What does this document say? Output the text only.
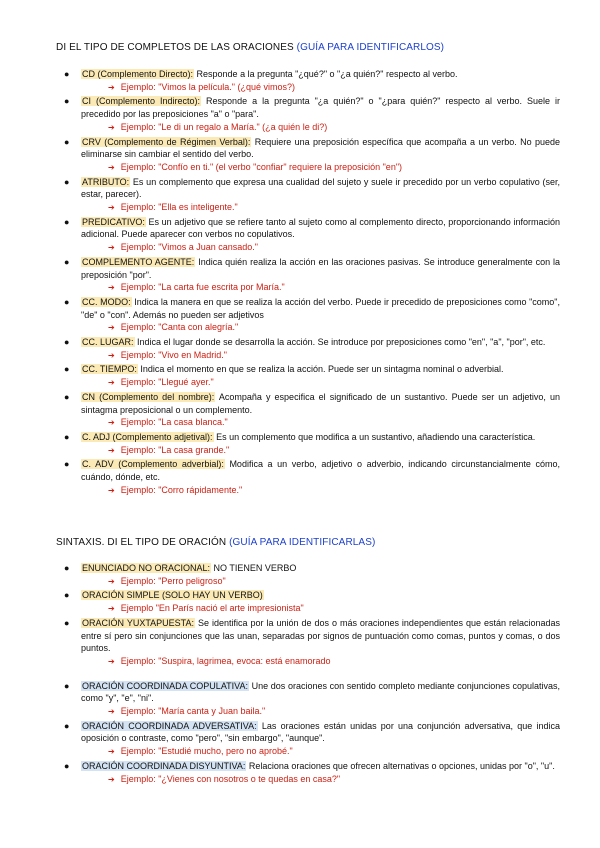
DI EL TIPO DE COMPLETOS DE LAS ORACIONES (GUÍA PARA IDENTIFICARLOS)
● CD (Complemento Directo): Responde a la pregunta "¿qué?" o "¿a quién?" respecto al verbo.
➔ Ejemplo: "Vimos la película." (¿qué vimos?)
● CI (Complemento Indirecto): Responde a la pregunta "¿a quién?" o "¿para quién?" respecto al verbo. Suele ir precedido por las preposiciones "a" o "para".
➔ Ejemplo: "Le di un regalo a María." (¿a quién le di?)
● CRV (Complemento de Régimen Verbal): Requiere una preposición específica que acompaña a un verbo. No puede eliminarse sin cambiar el sentido del verbo.
➔ Ejemplo: "Confío en ti." (el verbo "confiar" requiere la preposición "en")
● ATRIBUTO: Es un complemento que expresa una cualidad del sujeto y suele ir precedido por un verbo copulativo (ser, estar, parecer).
➔ Ejemplo: "Ella es inteligente."
● PREDICATIVO: Es un adjetivo que se refiere tanto al sujeto como al complemento directo, proporcionando información adicional. Puede aparecer con verbos no copulativos.
➔ Ejemplo: "Vimos a Juan cansado."
● COMPLEMENTO AGENTE: Indica quién realiza la acción en las oraciones pasivas. Se introduce generalmente con la preposición "por".
➔ Ejemplo: "La carta fue escrita por María."
● CC. MODO: Indica la manera en que se realiza la acción del verbo. Puede ir precedido de preposiciones como "como", "de" o "con". Además no pueden ser adjetivos
➔ Ejemplo: "Canta con alegría."
● CC. LUGAR: Indica el lugar donde se desarrolla la acción. Se introduce por preposiciones como "en", "a", "por", etc.
➔ Ejemplo: "Vivo en Madrid."
● CC. TIEMPO: Indica el momento en que se realiza la acción. Puede ser un sintagma nominal o adverbial.
➔ Ejemplo: "Llegué ayer."
● CN (Complemento del nombre): Acompaña y especifica el significado de un sustantivo. Puede ser un adjetivo, un sintagma preposicional o un complemento.
➔ Ejemplo: "La casa blanca."
● C. ADJ (Complemento adjetival): Es un complemento que modifica a un sustantivo, añadiendo una característica.
➔ Ejemplo: "La casa grande."
● C. ADV (Complemento adverbial): Modifica a un verbo, adjetivo o adverbio, indicando circunstancialmente cómo, cuándo, dónde, etc.
➔ Ejemplo: "Corro rápidamente."
SINTAXIS. DI EL TIPO DE ORACIÓN (GUÍA PARA IDENTIFICARLAS)
● ENUNCIADO NO ORACIONAL: NO TIENEN VERBO
➔ Ejemplo: "Perro peligroso"
● ORACIÓN SIMPLE (SOLO HAY UN VERBO)
➔ Ejemplo "En París nació el arte impresionista"
● ORACIÓN YUXTAPUESTA: Se identifica por la unión de dos o más oraciones independientes que están relacionadas entre sí pero sin conjunciones que las unan, separadas por signos de puntuación como comas, puntos y comas, o dos puntos.
➔ Ejemplo: "Suspira, lagrimea, evoca: está enamorado
● ORACIÓN COORDINADA COPULATIVA: Une dos oraciones con sentido completo mediante conjunciones copulativas, como "y", "e", "ni".
➔ Ejemplo: "María canta y Juan baila."
● ORACIÓN COORDINADA ADVERSATIVA: Las oraciones están unidas por una conjunción adversativa, que indica oposición o contraste, como "pero", "sin embargo", "aunque".
➔ Ejemplo: "Estudié mucho, pero no aprobé."
● ORACIÓN COORDINADA DISYUNTIVA: Relaciona oraciones que ofrecen alternativas o opciones, unidas por "o", "u".
➔ Ejemplo: "¿Vienes con nosotros o te quedas en casa?"
